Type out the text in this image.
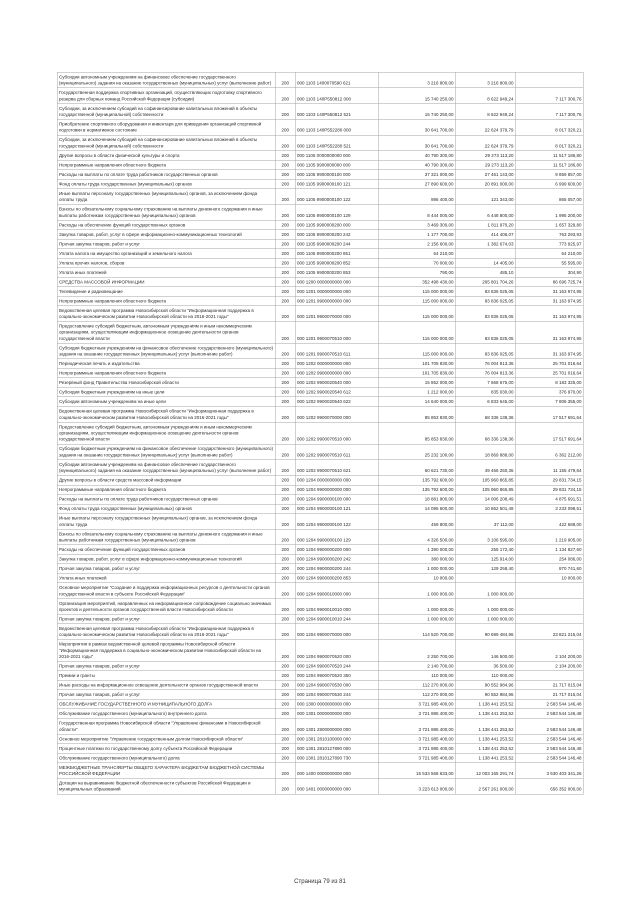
Субсидии автономным учреждениям на финансовое обеспечение государственного (муниципального) задания на оказание государственных (муниципальных) услуг (выполнение работ)	200	000 1103 1400070590 621	3 216 800,00	3 216 800,00	
Государственная поддержка спортивных организаций, осуществляющих подготовку спортивного резерва для сборных команд Российской Федерации (субсидии)	200	000 1103 140Р550812 000	15 740 250,00	8 622 949,24	7 117 300,76
Субсидии, за исключением субсидий на софинансирование капитальных вложений в объекты государственной (муниципальной) собственности	200	000 1103 140Р550812 521	15 740 250,00	8 622 949,24	7 117 300,76
Приобретение спортивного оборудования и инвентаря для приведения организаций спортивной подготовки в нормативное состояние	200	000 1103 140Р552280 000	30 641 700,00	22 624 379,79	8 017 320,21
Субсидии, за исключением субсидий на софинансирование капитальных вложений в объекты государственной (муниципальной) собственности	200	000 1103 140Р552280 521	30 641 700,00	22 624 379,79	8 017 320,21
Другие вопросы в области физической культуры и спорта	200	000 1105 0000000000 000	40 790 300,00	29 273 113,20	11 517 186,80
Непрограммные направления областного бюджета	200	000 1105 9900000000 000	40 790 300,00	29 273 113,20	11 517 186,80
Расходы на выплаты по оплате труда работников государственных органов	200	000 1105 9900000100 000	37 321 000,00	27 461 143,00	9 859 857,00
Фонд оплаты труда государственных (муниципальных) органов	200	000 1105 9900000100 121	27 890 600,00	20 891 000,00	6 999 600,00
Иные выплаты персоналу государственных (муниципальных) органов, за исключением фонда оплаты труда	200	000 1105 9900000100 122	986 400,00	121 343,00	865 057,00
Взносы по обязательному социальному страхованию на выплаты денежного содержания и иные выплаты работникам государственных (муниципальных) органов	200	000 1105 9900000100 129	8 444 000,00	6 448 800,00	1 995 200,00
Расходы на обеспечение функций государственных органов	200	000 1105 9900000200 000	3 469 300,00	1 811 970,20	1 657 329,80
Закупка товаров, работ, услуг в сфере информационно-коммуникационных технологий	200	000 1105 9900000200 242	1 177 700,00	414 406,07	763 293,93
Прочая закупка товаров, работ и услуг	200	000 1105 9900000200 244	2 156 600,00	1 382 674,03	773 925,97
Уплата налога на имущество организаций и земельного налога	200	000 1105 9900000200 851	64 210,00		64 210,00
Уплата прочих налогов, сборов	200	000 1105 9900000200 852	70 000,00	14 405,00	55 595,00
Уплата иных платежей	200	000 1105 9900000200 853	790,00	485,10	304,90
СРЕДСТВА МАССОВОЙ ИНФОРМАЦИИ	200	000 1200 0000000000 000	352 498 430,00	265 801 704,26	86 696 725,74
Телевидение и радиовещание	200	000 1201 0000000000 000	115 000 000,00	83 836 025,05	31 163 974,95
Непрограммные направления областного бюджета	200	000 1201 9900000000 000	115 000 000,00	83 836 025,05	31 163 974,95
Ведомственная целевая программа Новосибирской области "Информационная поддержка в социально-экономическом развитии Новосибирской области на 2016-2021 годы"	200	000 1201 9900070000 000	115 000 000,00	83 836 025,05	31 163 974,95
Предоставление субсидий бюджетным, автономным учреждениям и иным некоммерческим организациям, осуществляющим информационное освещение деятельности органов государственной власти	200	000 1201 9900070510 000	115 000 000,00	83 836 025,05	31 163 974,95
Субсидии бюджетным учреждениям на финансовое обеспечение государственного (муниципального) задания на оказание государственных (муниципальных) услуг (выполнение работ)	200	000 1201 9900070510 611	115 000 000,00	83 836 025,05	31 163 974,95
Периодическая печать и издательства	200	000 1202 0000000000 000	101 705 830,00	76 004 813,36	25 701 016,64
Непрограммные направления областного бюджета	200	000 1202 9900000000 000	101 705 830,00	76 004 813,36	25 701 016,64
Резервный фонд Правительства Новосибирской области	200	000 1202 9900020540 000	15 852 000,00	7 668 675,00	8 183 325,00
Субсидии бюджетным учреждениям на иные цели	200	000 1202 9900020540 612	1 212 000,00	835 030,00	376 970,00
Субсидии автономным учреждениям на иные цели	200	000 1202 9900020540 622	14 640 000,00	6 833 645,00	7 806 355,00
Ведомственная целевая программа Новосибирской области "Информационная поддержка в социально-экономическом развитии Новосибирской области на 2016-2021 годы"	200	000 1202 9900070000 000	85 853 830,00	68 336 138,36	17 517 691,64
Предоставление субсидий бюджетным, автономным учреждениям и иным некоммерческим организациям, осуществляющим информационное освещение деятельности органов государственной власти	200	000 1202 9900070510 000	85 853 830,00	68 336 138,36	17 517 691,64
Субсидии бюджетным учреждениям на финансовое обеспечение государственного (муниципального) задания на оказание государственных (муниципальных) услуг (выполнение работ)	200	000 1202 9900070510 611	25 232 100,00	18 869 888,00	6 362 212,00
Субсидии автономным учреждениям на финансовое обеспечение государственного (муниципального) задания на оказание государственных (муниципальных) услуг (выполнение работ)	200	000 1202 9900070510 621	60 621 730,00	49 466 250,36	11 155 479,64
Другие вопросы в области средств массовой информации	200	000 1204 0000000000 000	135 792 600,00	105 960 865,85	29 831 734,15
Непрограммные направления областного бюджета	200	000 1204 9900000000 000	135 792 600,00	105 960 865,85	29 831 734,15
Расходы на выплаты по оплате труда работников государственных органов	200	000 1204 9900000100 000	18 881 900,00	14 006 208,49	4 875 691,51
Фонд оплаты труда государственных (муниципальных) органов	200	000 1204 9900000100 121	14 095 600,00	10 862 501,49	3 233 098,51
Иные выплаты персоналу государственных (муниципальных) органов, за исключением фонда оплаты труда	200	000 1204 9900000100 122	459 800,00	37 112,00	422 688,00
Взносы по обязательному социальному страхованию на выплаты денежного содержания и иные выплаты работникам государственных (муниципальных) органов	200	000 1204 9900000100 129	4 326 500,00	3 106 595,00	1 219 905,00
Расходы на обеспечение функций государственных органов	200	000 1204 9900000200 000	1 390 000,00	255 172,40	1 134 827,60
Закупка товаров, работ, услуг в сфере информационно-коммуникационных технологий	200	000 1204 9900000200 242	380 000,00	125 914,00	254 086,00
Прочая закупка товаров, работ и услуг	200	000 1204 9900000200 244	1 000 000,00	129 258,40	870 741,60
Уплата иных платежей	200	000 1204 9900000200 853	10 000,00		10 000,00
Основное мероприятие "Создание и поддержка информационных ресурсов о деятельности органов государственной власти в субъекте Российской Федерации"	200	000 1204 9900010000 000	1 000 000,00	1 000 000,00	
Организация мероприятий, направленных на информационное сопровождение социально значимых проектов и деятельности органов государственной власти Новосибирской области	200	000 1204 9900010010 000	1 000 000,00	1 000 000,00	
Прочая закупка товаров, работ и услуг	200	000 1204 9900010010 244	1 000 000,00	1 000 000,00	
Ведомственная целевая программа Новосибирской области "Информационная поддержка в социально-экономическом развитии Новосибирской области на 2016-2021 годы"	200	000 1204 9900070000 000	114 520 700,00	90 699 484,96	23 821 215,04
Мероприятия в рамках ведомственной целевой программы Новосибирской области "Информационная поддержка в социально-экономическом развитии Новосибирской области на 2016-2021 годы"	200	000 1204 9900070520 000	2 250 700,00	146 500,00	2 104 200,00
Прочая закупка товаров, работ и услуг	200	000 1204 9900070520 244	2 140 700,00	36 500,00	2 104 200,00
Премии и гранты	200	000 1204 9900070520 350	110 000,00	110 000,00	
Иные расходы на информационное освещение деятельности органов государственной власти	200	000 1204 9900070530 000	112 270 000,00	90 552 984,96	21 717 015,04
Прочая закупка товаров, работ и услуг	200	000 1204 9900070530 244	112 270 000,00	90 552 984,96	21 717 015,04
ОБСЛУЖИВАНИЕ ГОСУДАРСТВЕННОГО И МУНИЦИПАЛЬНОГО ДОЛГА	200	000 1300 0000000000 000	3 721 985 400,00	1 138 441 253,52	2 583 544 146,48
Обслуживание государственного (муниципального) внутреннего долга	200	000 1301 0000000000 000	3 721 985 400,00	1 138 441 253,52	2 583 544 146,48
Государственная программа Новосибирской области "Управление финансами в Новосибирской области"	200	000 1301 2800000000 000	3 721 985 400,00	1 138 441 253,52	2 583 544 146,48
Основное мероприятие "Управление государственным долгом Новосибирской области"	200	000 1301 2810100000 000	3 721 985 400,00	1 138 441 253,52	2 583 544 146,48
Процентные платежи по государственному долгу субъекта Российской Федерации	200	000 1301 2810127890 000	3 721 985 400,00	1 138 441 253,52	2 583 544 146,48
Обслуживание государственного (муниципального) долга	200	000 1301 2810127890 730	3 721 985 400,00	1 138 441 253,52	2 583 544 146,48
МЕЖБЮДЖЕТНЫЕ ТРАНСФЕРТЫ ОБЩЕГО ХАРАКТЕРА БЮДЖЕТАМ БЮДЖЕТНОЙ СИСТЕМЫ РОССИЙСКОЙ ФЕДЕРАЦИИ	200	000 1400 0000000000 000	15 533 568 633,00	12 003 165 291,74	3 530 403 341,26
Дотации на выравнивание бюджетной обеспеченности субъектов Российской Федерации и муниципальных образований	200	000 1401 0000000000 000	3 223 613 000,00	2 567 261 000,00	656 352 000,00
Страница 79 из 81
